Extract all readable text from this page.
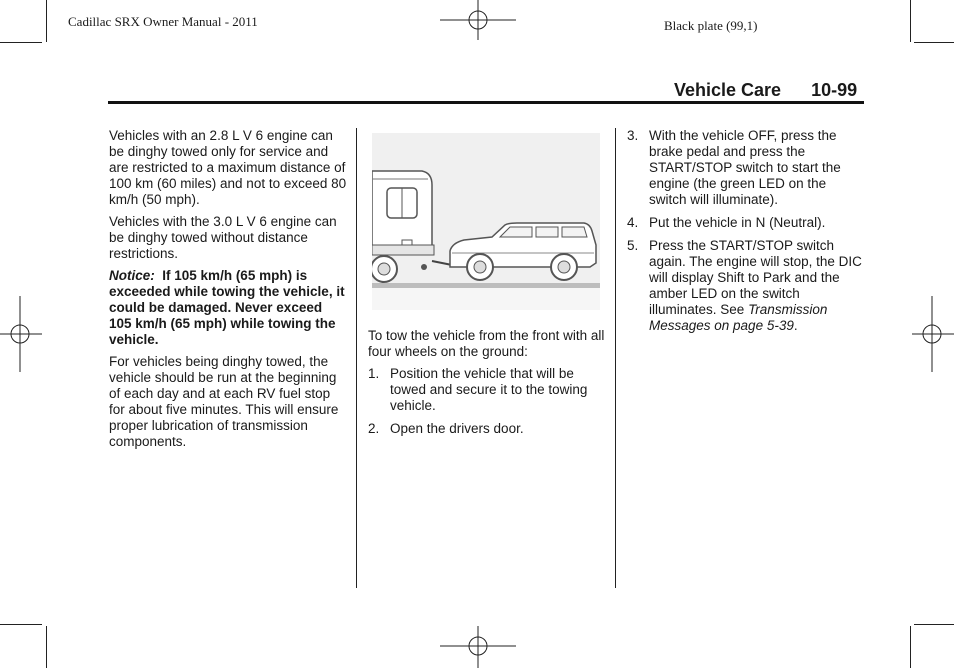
Cadillac SRX Owner Manual - 2011	Black plate (99,1)
Vehicle Care 10-99

Vehicles with an 2.8 L V 6 engine can be dinghy towed only for service and are restricted to a maximum distance of 100 km (60 miles) and not to exceed 80 km/h (50 mph).

Vehicles with the 3.0 L V 6 engine can be dinghy towed without distance restrictions.

Notice: If 105 km/h (65 mph) is exceeded while towing the vehicle, it could be damaged. Never exceed 105 km/h (65 mph) while towing the vehicle.

For vehicles being dinghy towed, the vehicle should be run at the beginning of each day and at each RV fuel stop for about five minutes. This will ensure proper lubrication of transmission components.

To tow the vehicle from the front with all four wheels on the ground:

1. Position the vehicle that will be towed and secure it to the towing vehicle.
2. Open the drivers door.
3. With the vehicle OFF, press the brake pedal and press the START/STOP switch to start the engine (the green LED on the switch will illuminate).
4. Put the vehicle in N (Neutral).
5. Press the START/STOP switch again. The engine will stop, the DIC will display Shift to Park and the amber LED on the switch illuminates. See Transmission Messages on page 5-39.
